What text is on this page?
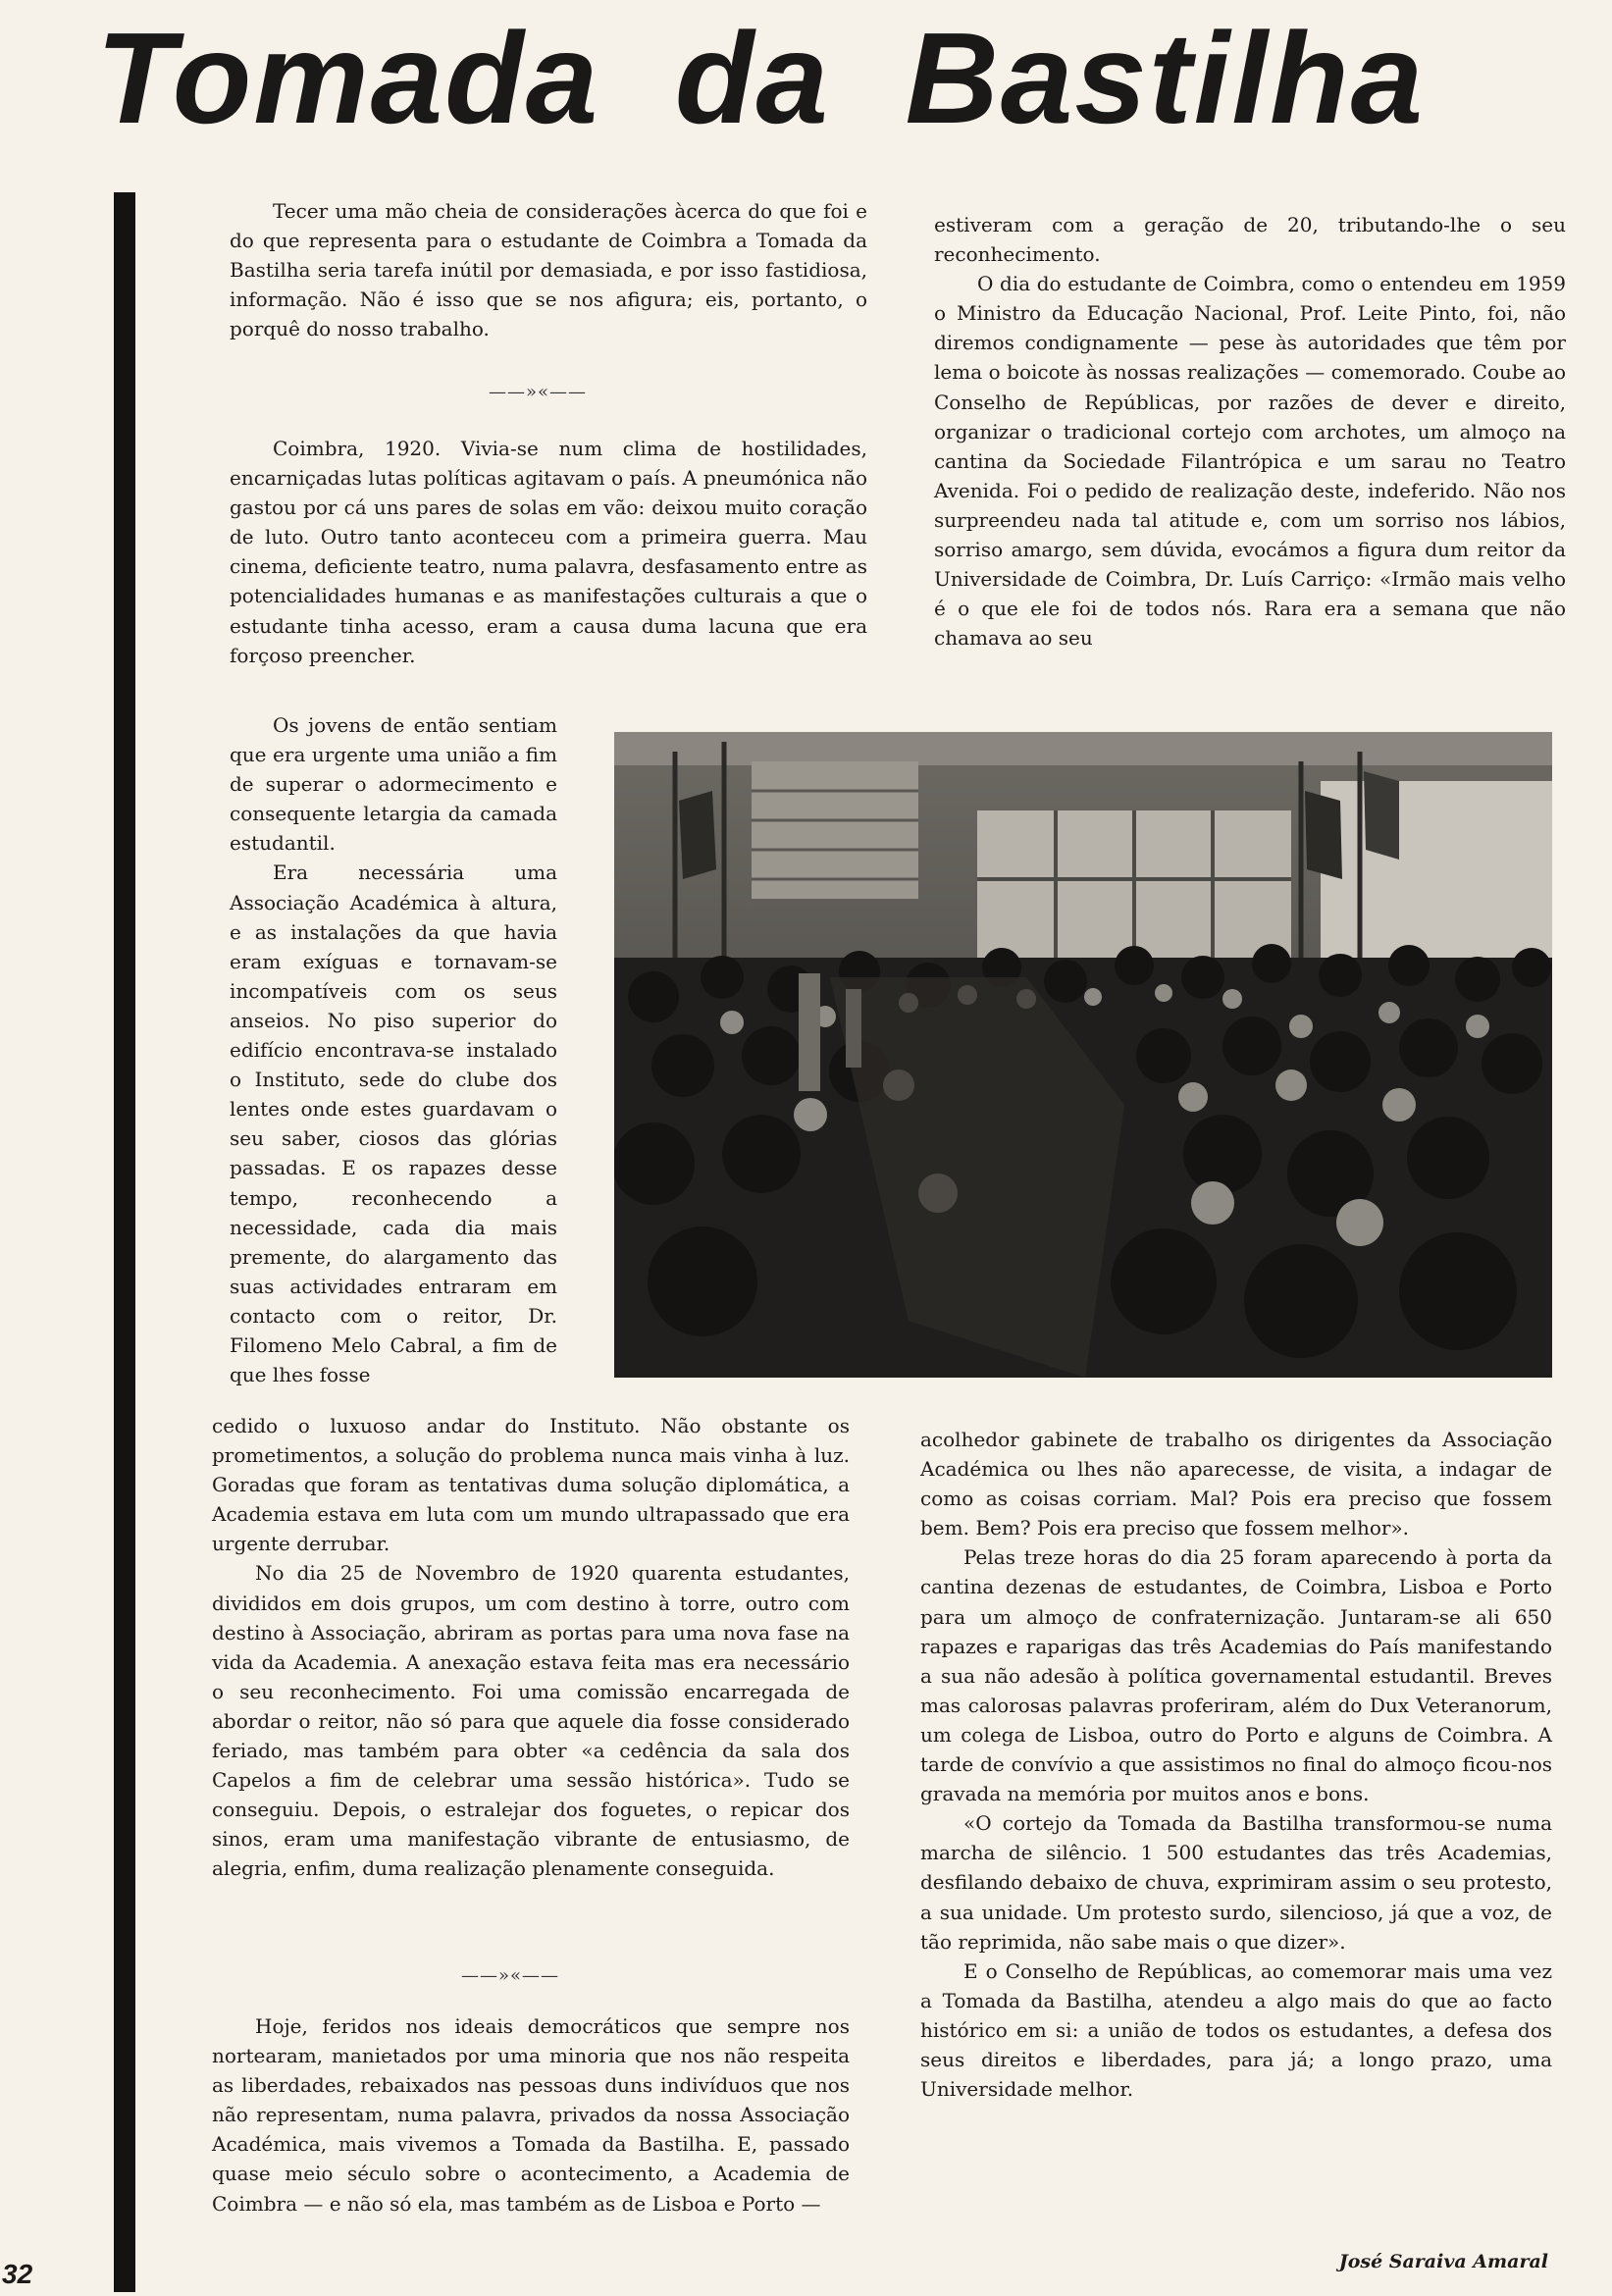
Tomada da Bastilha

Tecer uma mão cheia de considerações àcerca do que foi e do que representa para o estudante de Coimbra a Tomada da Bastilha seria tarefa inútil por demasiada, e por isso fastidiosa, informação. Não é isso que se nos afigura; eis, portanto, o porquê do nosso trabalho.

——»«——

Coimbra, 1920. Vivia-se num clima de hostilidades, encarniçadas lutas políticas agitavam o país. A pneumónica não gastou por cá uns pares de solas em vão: deixou muito coração de luto. Outro tanto aconteceu com a primeira guerra. Mau cinema, deficiente teatro, numa palavra, desfasamento entre as potencialidades humanas e as manifestações culturais a que o estudante tinha acesso, eram a causa duma lacuna que era forçoso preencher.

Os jovens de então sentiam que era urgente uma união a fim de superar o adormecimento e consequente letargia da camada estudantil.

Era necessária uma Associação Académica à altura, e as instalações da que havia eram exíguas e tornavam-se incompatíveis com os seus anseios. No piso superior do edifício encontrava-se instalado o Instituto, sede do clube dos lentes onde estes guardavam o seu saber, ciosos das glórias passadas. E os rapazes desse tempo, reconhecendo a necessidade, cada dia mais premente, do alargamento das suas actividades entraram em contacto com o reitor, Dr. Filomeno Melo Cabral, a fim de que lhes fosse

cedido o luxuoso andar do Instituto. Não obstante os prometimentos, a solução do problema nunca mais vinha à luz. Goradas que foram as tentativas duma solução diplomática, a Academia estava em luta com um mundo ultrapassado que era urgente derrubar.

No dia 25 de Novembro de 1920 quarenta estudantes, divididos em dois grupos, um com destino à torre, outro com destino à Associação, abriram as portas para uma nova fase na vida da Academia. A anexação estava feita mas era necessário o seu reconhecimento. Foi uma comissão encarregada de abordar o reitor, não só para que aquele dia fosse considerado feriado, mas também para obter «a cedência da sala dos Capelos a fim de celebrar uma sessão histórica». Tudo se conseguiu. Depois, o estralejar dos foguetes, o repicar dos sinos, eram uma manifestação vibrante de entusiasmo, de alegria, enfim, duma realização plenamente conseguida.

——»«——

Hoje, feridos nos ideais democráticos que sempre nos nortearam, manietados por uma minoria que nos não respeita as liberdades, rebaixados nas pessoas duns indivíduos que nos não representam, numa palavra, privados da nossa Associação Académica, mais vivemos a Tomada da Bastilha. E, passado quase meio século sobre o acontecimento, a Academia de Coimbra — e não só ela, mas também as de Lisboa e Porto —

estiveram com a geração de 20, tributando-lhe o seu reconhecimento.

O dia do estudante de Coimbra, como o entendeu em 1959 o Ministro da Educação Nacional, Prof. Leite Pinto, foi, não diremos condignamente — pese às autoridades que têm por lema o boicote às nossas realizações — comemorado. Coube ao Conselho de Repúblicas, por razões de dever e direito, organizar o tradicional cortejo com archotes, um almoço na cantina da Sociedade Filantrópica e um sarau no Teatro Avenida. Foi o pedido de realização deste, indeferido. Não nos surpreendeu nada tal atitude e, com um sorriso nos lábios, sorriso amargo, sem dúvida, evocámos a figura dum reitor da Universidade de Coimbra, Dr. Luís Carriço: «Irmão mais velho é o que ele foi de todos nós. Rara era a semana que não chamava ao seu

acolhedor gabinete de trabalho os dirigentes da Associação Académica ou lhes não aparecesse, de visita, a indagar de como as coisas corriam. Mal? Pois era preciso que fossem bem. Bem? Pois era preciso que fossem melhor».

Pelas treze horas do dia 25 foram aparecendo à porta da cantina dezenas de estudantes, de Coimbra, Lisboa e Porto para um almoço de confraternização. Juntaram-se ali 650 rapazes e raparigas das três Academias do País manifestando a sua não adesão à política governamental estudantil. Breves mas calorosas palavras proferiram, além do Dux Veteranorum, um colega de Lisboa, outro do Porto e alguns de Coimbra. A tarde de convívio a que assistimos no final do almoço ficou-nos gravada na memória por muitos anos e bons.

«O cortejo da Tomada da Bastilha transformou-se numa marcha de silêncio. 1 500 estudantes das três Academias, desfilando debaixo de chuva, exprimiram assim o seu protesto, a sua unidade. Um protesto surdo, silencioso, já que a voz, de tão reprimida, não sabe mais o que dizer».

E o Conselho de Repúblicas, ao comemorar mais uma vez a Tomada da Bastilha, atendeu a algo mais do que ao facto histórico em si: a união de todos os estudantes, a defesa dos seus direitos e liberdades, para já; a longo prazo, uma Universidade melhor.

José Saraiva Amaral
32
